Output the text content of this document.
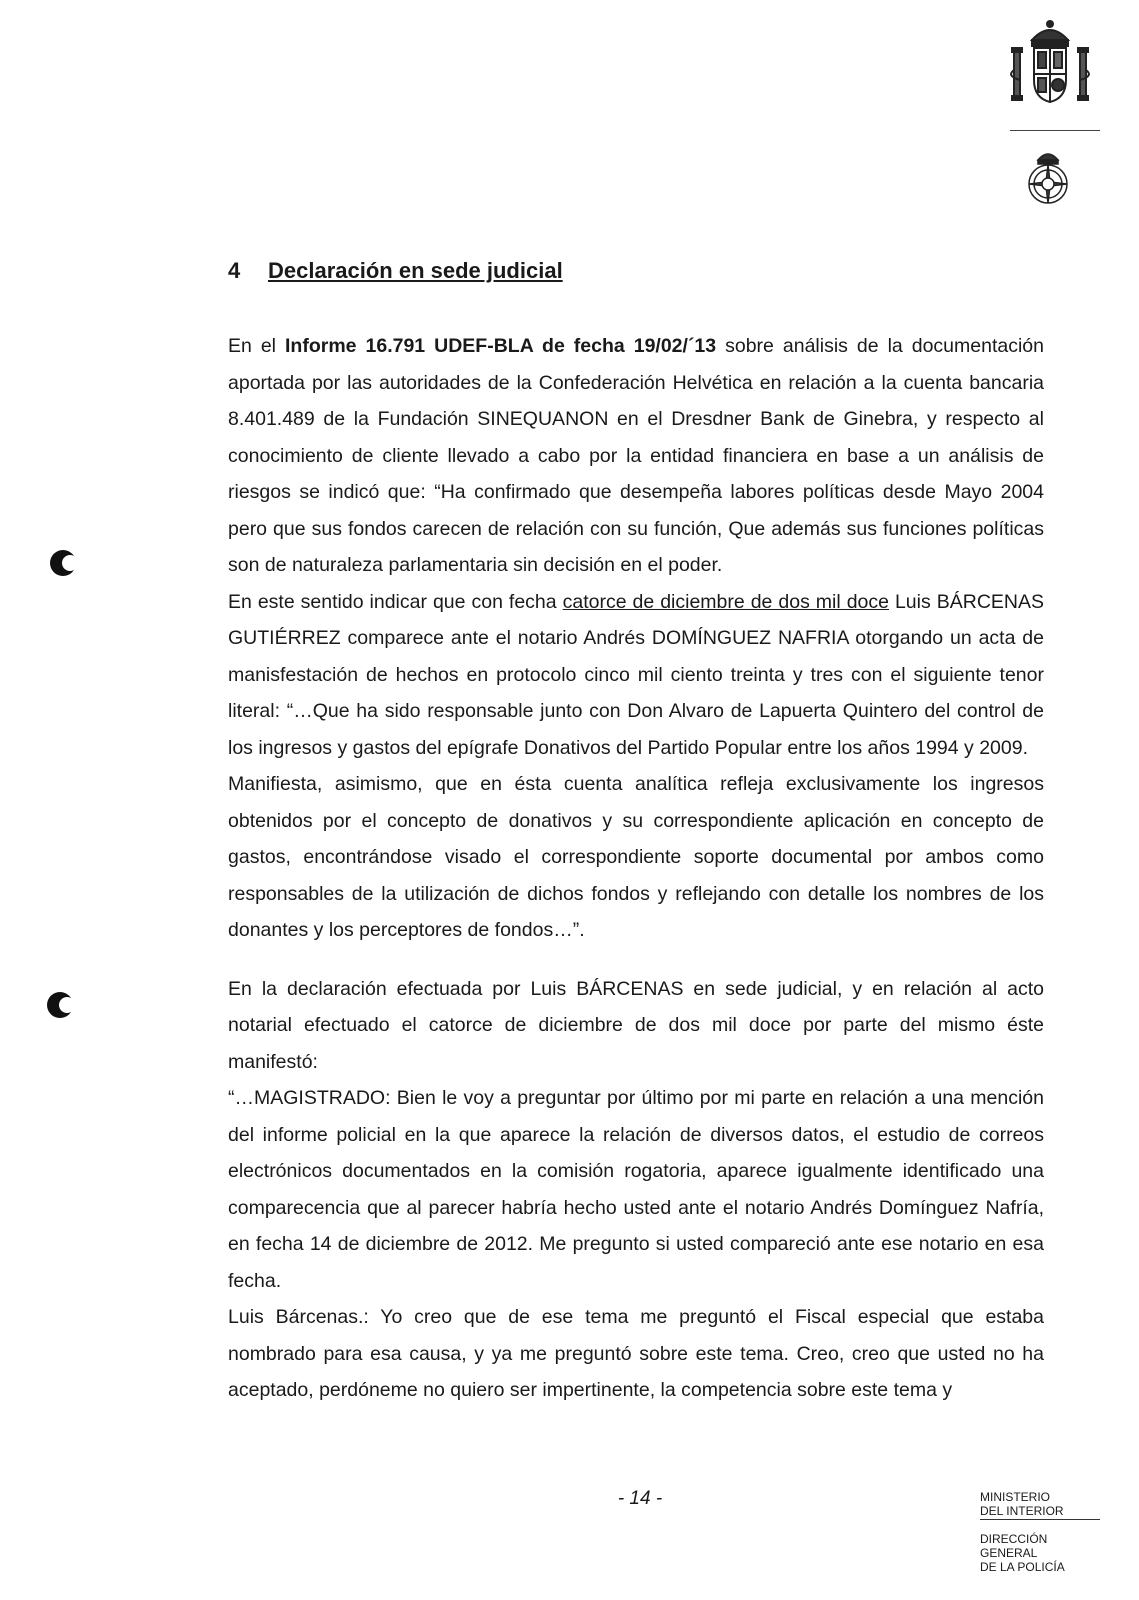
4 Declaración en sede judicial

En el Informe 16.791 UDEF-BLA de fecha 19/02/´13 sobre análisis de la documentación aportada por las autoridades de la Confederación Helvética en relación a la cuenta bancaria 8.401.489 de la Fundación SINEQUANON en el Dresdner Bank de Ginebra, y respecto al conocimiento de cliente llevado a cabo por la entidad financiera en base a un análisis de riesgos se indicó que: “Ha confirmado que desempeña labores políticas desde Mayo 2004 pero que sus fondos carecen de relación con su función, Que además sus funciones políticas son de naturaleza parlamentaria sin decisión en el poder.

En este sentido indicar que con fecha catorce de diciembre de dos mil doce Luis BÁRCENAS GUTIÉRREZ comparece ante el notario Andrés DOMÍNGUEZ NAFRIA otorgando un acta de manisfestación de hechos en protocolo cinco mil ciento treinta y tres con el siguiente tenor literal: “…Que ha sido responsable junto con Don Alvaro de Lapuerta Quintero del control de los ingresos y gastos del epígrafe Donativos del Partido Popular entre los años 1994 y 2009.

Manifiesta, asimismo, que en ésta cuenta analítica refleja exclusivamente los ingresos obtenidos por el concepto de donativos y su correspondiente aplicación en concepto de gastos, encontrándose visado el correspondiente soporte documental por ambos como responsables de la utilización de dichos fondos y reflejando con detalle los nombres de los donantes y los perceptores de fondos…”.

En la declaración efectuada por Luis BÁRCENAS en sede judicial, y en relación al acto notarial efectuado el catorce de diciembre de dos mil doce por parte del mismo éste manifestó:

“…MAGISTRADO: Bien le voy a preguntar por último por mi parte en relación a una mención del informe policial en la que aparece la relación de diversos datos, el estudio de correos electrónicos documentados en la comisión rogatoria, aparece igualmente identificado una comparecencia que al parecer habría hecho usted ante el notario Andrés Domínguez Nafría, en fecha 14 de diciembre de 2012. Me pregunto si usted compareció ante ese notario en esa fecha.

Luis Bárcenas.: Yo creo que de ese tema me preguntó el Fiscal especial que estaba nombrado para esa causa, y ya me preguntó sobre este tema. Creo, creo que usted no ha aceptado, perdóneme no quiero ser impertinente, la competencia sobre este tema y

- 14 -	MINISTERIO
DEL INTERIOR
DIRECCIÓN GENERAL
DE LA POLICÍA
